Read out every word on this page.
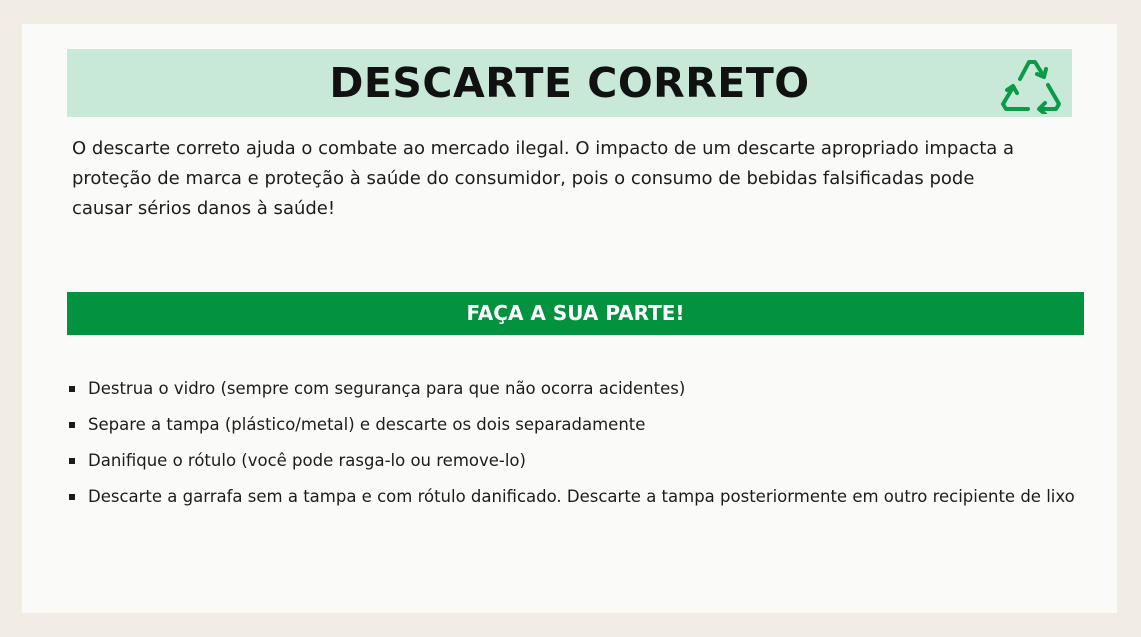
DESCARTE CORRETO

O descarte correto ajuda o combate ao mercado ilegal. O impacto de um descarte apropriado impacta a proteção de marca e proteção à saúde do consumidor, pois o consumo de bebidas falsificadas pode causar sérios danos à saúde!

FAÇA A SUA PARTE!
Destrua o vidro (sempre com segurança para que não ocorra acidentes)
Separe a tampa (plástico/metal) e descarte os dois separadamente
Danifique o rótulo (você pode rasga-lo ou remove-lo)
Descarte a garrafa sem a tampa e com rótulo danificado. Descarte a tampa posteriormente em outro recipiente de lixo
